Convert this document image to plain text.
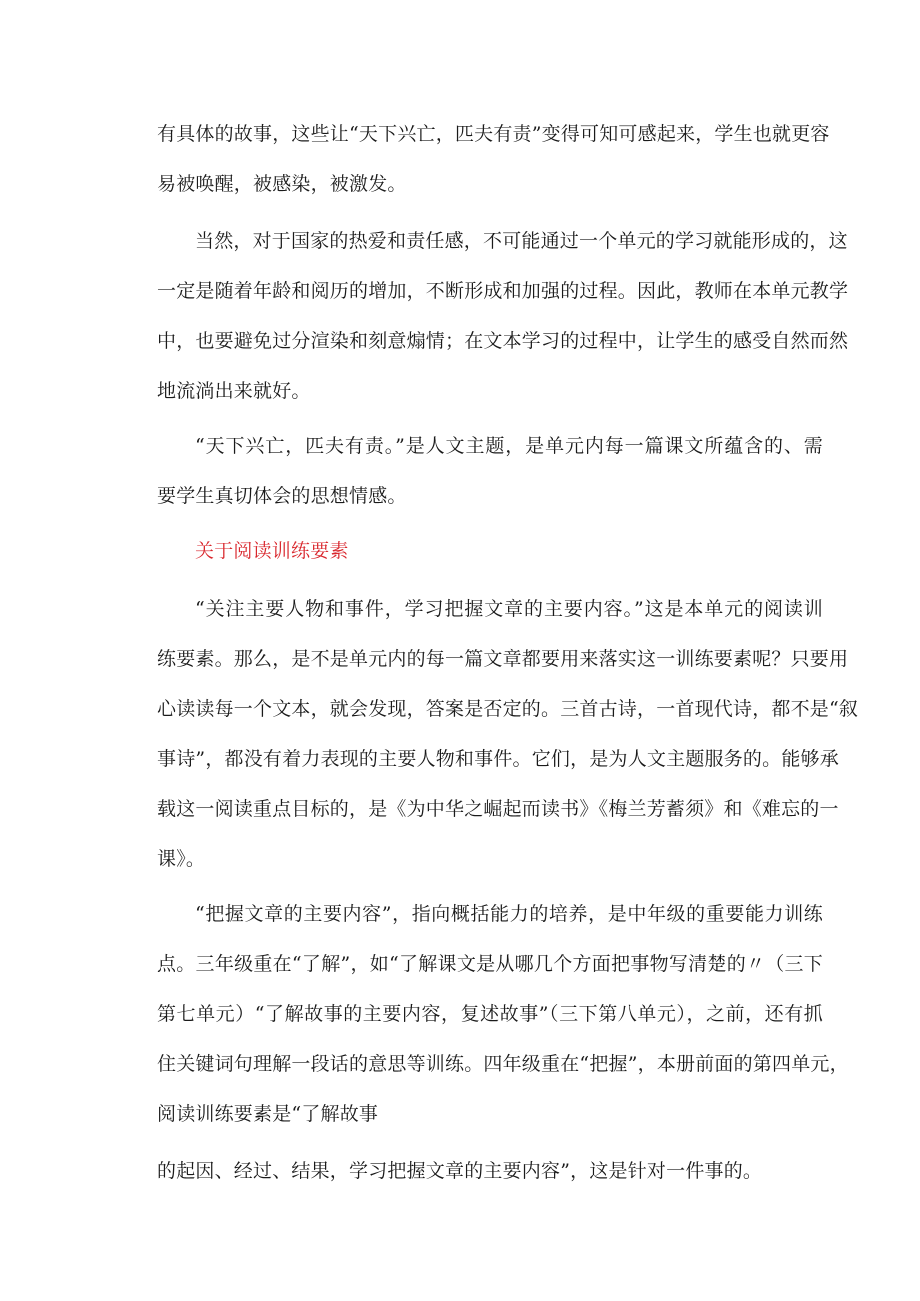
有具体的故事，这些让“天下兴亡，匹夫有责”变得可知可感起来，学生也就更容
易被唤醒，被感染，被激发。
当然，对于国家的热爱和责任感，不可能通过一个单元的学习就能形成的，这
一定是随着年龄和阅历的增加，不断形成和加强的过程。因此，教师在本单元教学
中，也要避免过分渲染和刻意煽情；在文本学习的过程中，让学生的感受自然而然
地流淌出来就好。
“天下兴亡，匹夫有责。”是人文主题，是单元内每一篇课文所蕴含的、需
要学生真切体会的思想情感。
关于阅读训练要素
“关注主要人物和事件，学习把握文章的主要内容。”这是本单元的阅读训
练要素。那么，是不是单元内的每一篇文章都要用来落实这一训练要素呢？只要用
心读读每一个文本，就会发现，答案是否定的。三首古诗，一首现代诗，都不是“叙
事诗”，都没有着力表现的主要人物和事件。它们，是为人文主题服务的。能够承
载这一阅读重点目标的，是《为中华之崛起而读书》《梅兰芳蓄须》和《难忘的一
课》。
“把握文章的主要内容”，指向概括能力的培养，是中年级的重要能力训练
点。三年级重在“了解”，如“了解课文是从哪几个方面把事物写清楚的〃（三下
第七单元）“了解故事的主要内容，复述故事”（三下第八单元），之前，还有抓
住关键词句理解一段话的意思等训练。四年级重在“把握”，本册前面的第四单元，
阅读训练要素是“了解故事
的起因、经过、结果，学习把握文章的主要内容”，这是针对一件事的。
